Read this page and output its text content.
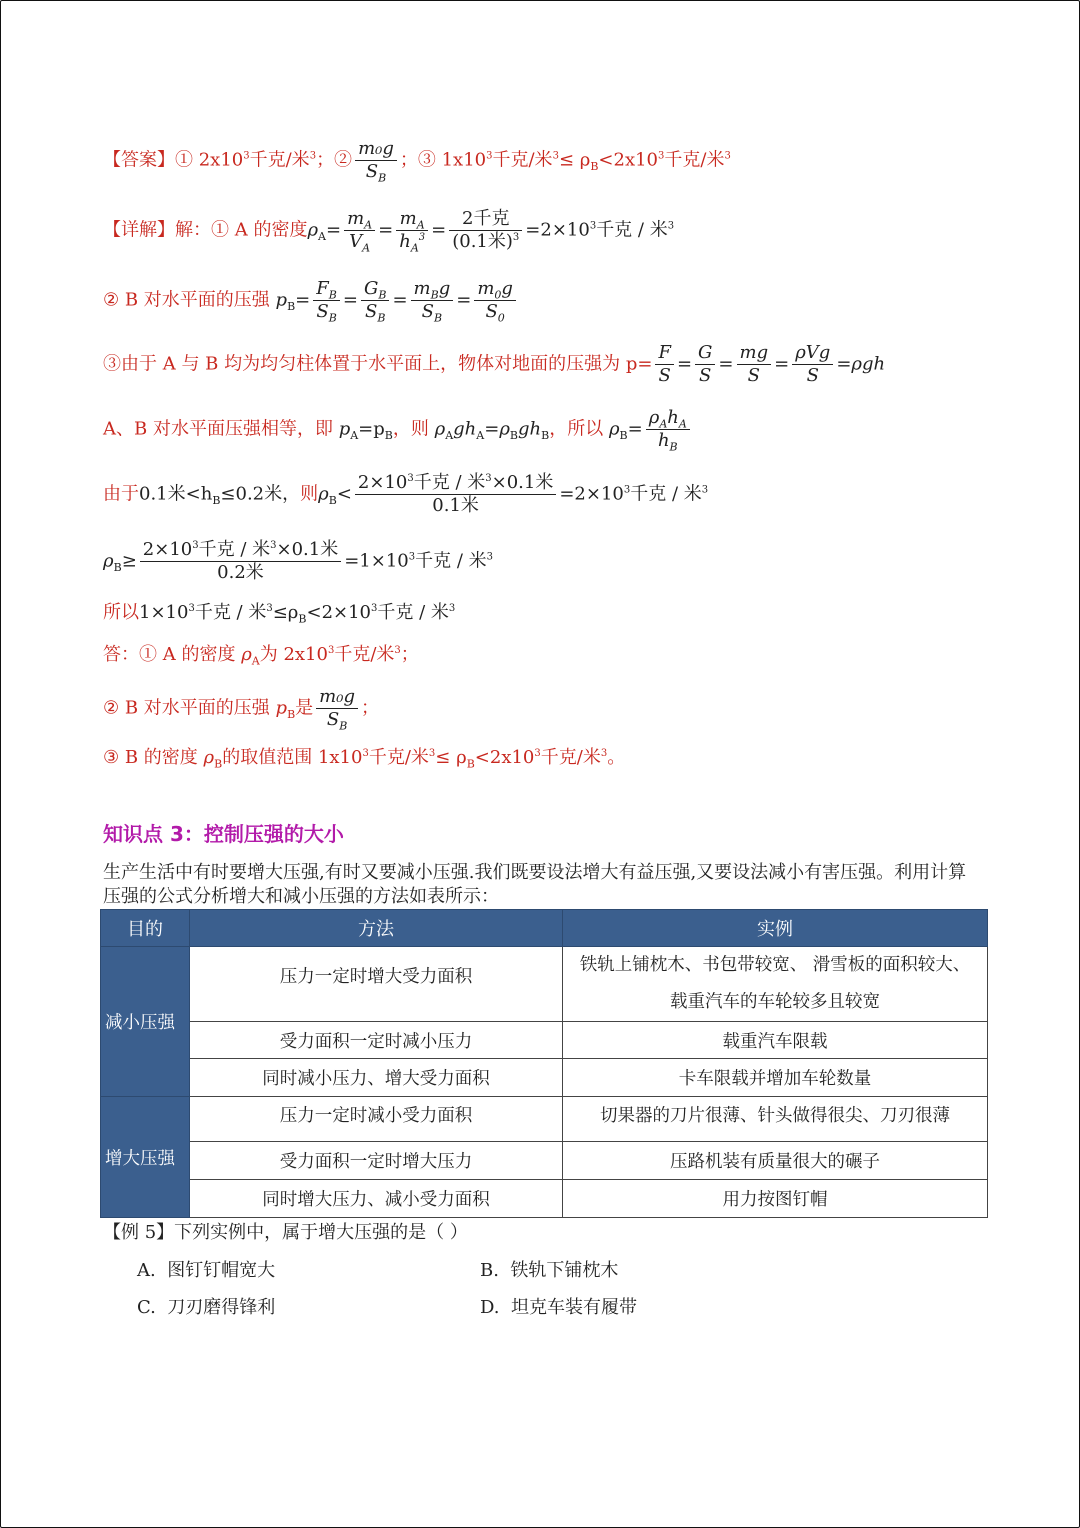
【答案】① $2x10^3$千克/米$^3$；② $\frac{\text{m₀g}}{S_B}$ ；③ $1x10^3$千克/米$^3\le \rho_B<2x10^3$千克/米$^3$
【详解】解：① A 的密度$\rho_A= \frac{m_A}{V_A} = \frac{m_A}{h_A^3} = \frac{\text{2千克}}{(0.1米)^3} =2\times 10^3$千克 / 米$^3$
② B 对水平面的压强 $p_B= \frac{F_B}{S_B} = \frac{G_B}{S_B} = \frac{m_Bg}{S_B} = \frac{m_0g}{S_0}$
③由于 A 与 B 均为均匀柱体置于水平面上，物体对地面的压强为 $p= \frac{F}{S} = \frac{G}{S} = \frac{mg}{S} = \frac{\text{ρVg}}{S} =\rho gh$
A、B 对水平面压强相等，即 $p_A=p_B$，则 $\rho_Agh_A=\rho_Bgh_B$，所以 $\rho_B= \frac{\rho_Ah_A}{h_B}$
由于0.1米$<h_B\le 0.2$米，则$\rho_B< \frac{2\times 10^3千克 / 米^3\times 0.1米}{\text{0.1米}} =2\times 10^3$千克 / 米$^3$
$\rho_B\ge \frac{2\times 10^3千克 / 米^3\times 0.1米}{\text{0.2米}} =1\times 10^3$千克 / 米$^3$
所以$1\times 10^3$千克 / 米$^3\le\rho_B<2\times 10^3$千克 / 米$^3$
答：① A 的密度 $\rho_A$为 $2x10^3$千克/米$^3$；
② B 对水平面的压强 $p_B$是 $\frac{\text{m₀g}}{S_B}$ ；
③ B 的密度 $\rho_B$的取值范围 $1x10^3$千克/米$^3\le \rho_B<2x10^3$千克/米$^3$。
知识点 3：控制压强的大小
生产生活中有时要增大压强,有时又要减小压强.我们既要设法增大有益压强,又要设法减小有害压强。利用计算压强的公式分析增大和减小压强的方法如表所示：
目的	方法	实例
减小压强	压力一定时增大受力面积	铁轨上铺枕木、书包带较宽、 滑雪板的面积较大、
载重汽车的车轮较多且较宽

	受力面积一定时减小压力	载重汽车限载
	同时减小压力、增大受力面积	卡车限载并增加车轮数量
增大压强	压力一定时减小受力面积	切果器的刀片很薄、针头做得很尖、刀刃很薄
	受力面积一定时增大压力	压路机装有质量很大的碾子
	同时增大压力、减小受力面积	用力按图钉帽
【例 5】下列实例中，属于增大压强的是（ ）
A. 图钉钉帽宽大	B. 铁轨下铺枕木
C. 刀刃磨得锋利	D. 坦克车装有履带
